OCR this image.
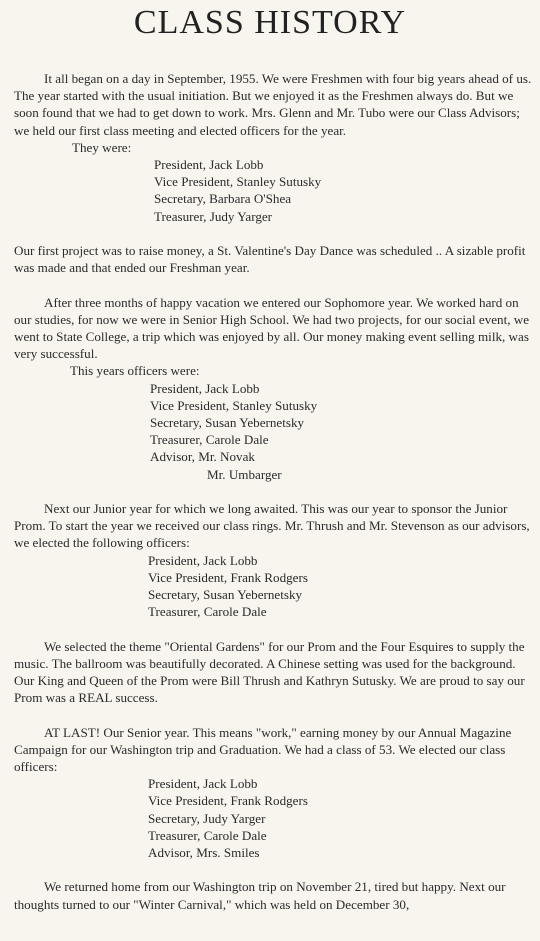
CLASS HISTORY

It all began on a day in September, 1955. We were Freshmen with four big years ahead of us. The year started with the usual initiation. But we enjoyed it as the Freshmen always do. But we soon found that we had to get down to work. Mrs. Glenn and Mr. Tubo were our Class Advisors; we held our first class meeting and elected officers for the year.

They were:

President, Jack Lobb
Vice President, Stanley Sutusky
Secretary, Barbara O'Shea
Treasurer, Judy Yarger

Our first project was to raise money, a St. Valentine's Day Dance was scheduled .. A sizable profit was made and that ended our Freshman year.

After three months of happy vacation we entered our Sophomore year. We worked hard on our studies, for now we were in Senior High School. We had two projects, for our social event, we went to State College, a trip which was enjoyed by all. Our money making event selling milk, was very successful.

This years officers were:

President, Jack Lobb
Vice President, Stanley Sutusky
Secretary, Susan Yebernetsky
Treasurer, Carole Dale
Advisor, Mr. Novak
Mr. Umbarger

Next our Junior year for which we long awaited. This was our year to sponsor the Junior Prom. To start the year we received our class rings. Mr. Thrush and Mr. Stevenson as our advisors, we elected the following officers:

President, Jack Lobb
Vice President, Frank Rodgers
Secretary, Susan Yebernetsky
Treasurer, Carole Dale

We selected the theme "Oriental Gardens" for our Prom and the Four Esquires to supply the music. The ballroom was beautifully decorated. A Chinese setting was used for the background. Our King and Queen of the Prom were Bill Thrush and Kathryn Sutusky. We are proud to say our Prom was a REAL success.

AT LAST! Our Senior year. This means "work," earning money by our Annual Magazine Campaign for our Washington trip and Graduation. We had a class of 53. We elected our class officers:

President, Jack Lobb
Vice President, Frank Rodgers
Secretary, Judy Yarger
Treasurer, Carole Dale
Advisor, Mrs. Smiles

We returned home from our Washington trip on November 21, tired but happy. Next our thoughts turned to our "Winter Carnival," which was held on December 30,
